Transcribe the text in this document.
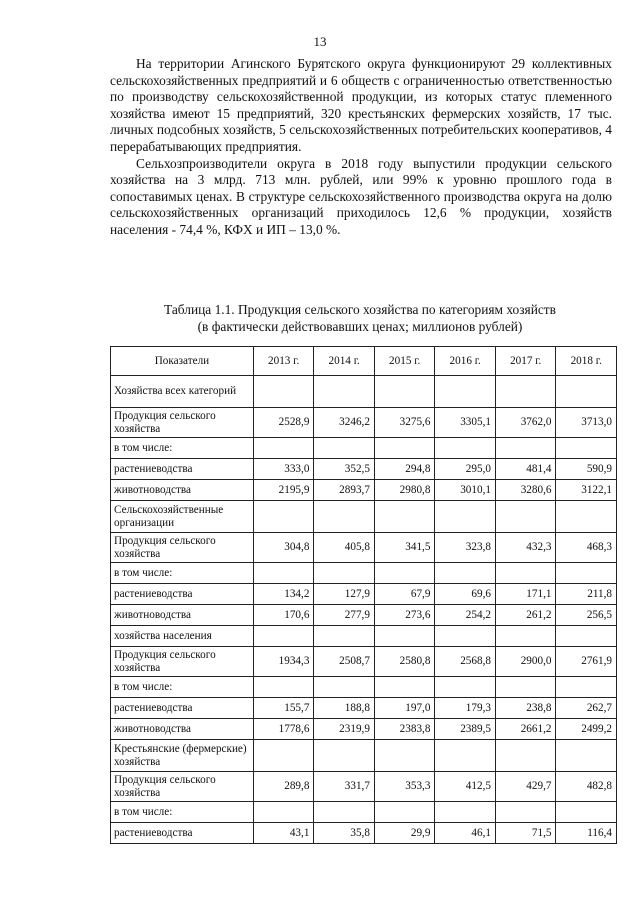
13

На территории Агинского Бурятского округа функционируют 29 коллективных сельскохозяйственных предприятий и 6 обществ с ограниченностью ответственностью по производству сельскохозяйственной продукции, из которых статус племенного хозяйства имеют 15 предприятий, 320 крестьянских фермерских хозяйств, 17 тыс. личных подсобных хозяйств, 5 сельскохозяйственных потребительских кооперативов, 4 перерабатывающих предприятия.

Сельхозпроизводители округа в 2018 году выпустили продукции сельского хозяйства на 3 млрд. 713 млн. рублей, или 99% к уровню прошлого года в сопоставимых ценах. В структуре сельскохозяйственного производства округа на долю сельскохозяйственных организаций приходилось 12,6 % продукции, хозяйств населения - 74,4 %, КФХ и ИП – 13,0 %.

Таблица 1.1. Продукция сельского хозяйства по категориям хозяйств
(в фактически действовавших ценах; миллионов рублей)
Показатели	2013 г.	2014 г.	2015 г.	2016 г.	2017 г.	2018 г.
Хозяйства всех категорий						
Продукция сельского хозяйства	2528,9	3246,2	3275,6	3305,1	3762,0	3713,0
в том числе:						
растениеводства	333,0	352,5	294,8	295,0	481,4	590,9
животноводства	2195,9	2893,7	2980,8	3010,1	3280,6	3122,1
Сельскохозяйственные организации						
Продукция сельского хозяйства	304,8	405,8	341,5	323,8	432,3	468,3
в том числе:						
растениеводства	134,2	127,9	67,9	69,6	171,1	211,8
животноводства	170,6	277,9	273,6	254,2	261,2	256,5
хозяйства населения						
Продукция сельского хозяйства	1934,3	2508,7	2580,8	2568,8	2900,0	2761,9
в том числе:						
растениеводства	155,7	188,8	197,0	179,3	238,8	262,7
животноводства	1778,6	2319,9	2383,8	2389,5	2661,2	2499,2
Крестьянские (фермерские) хозяйства						
Продукция сельского хозяйства	289,8	331,7	353,3	412,5	429,7	482,8
в том числе:						
растениеводства	43,1	35,8	29,9	46,1	71,5	116,4
